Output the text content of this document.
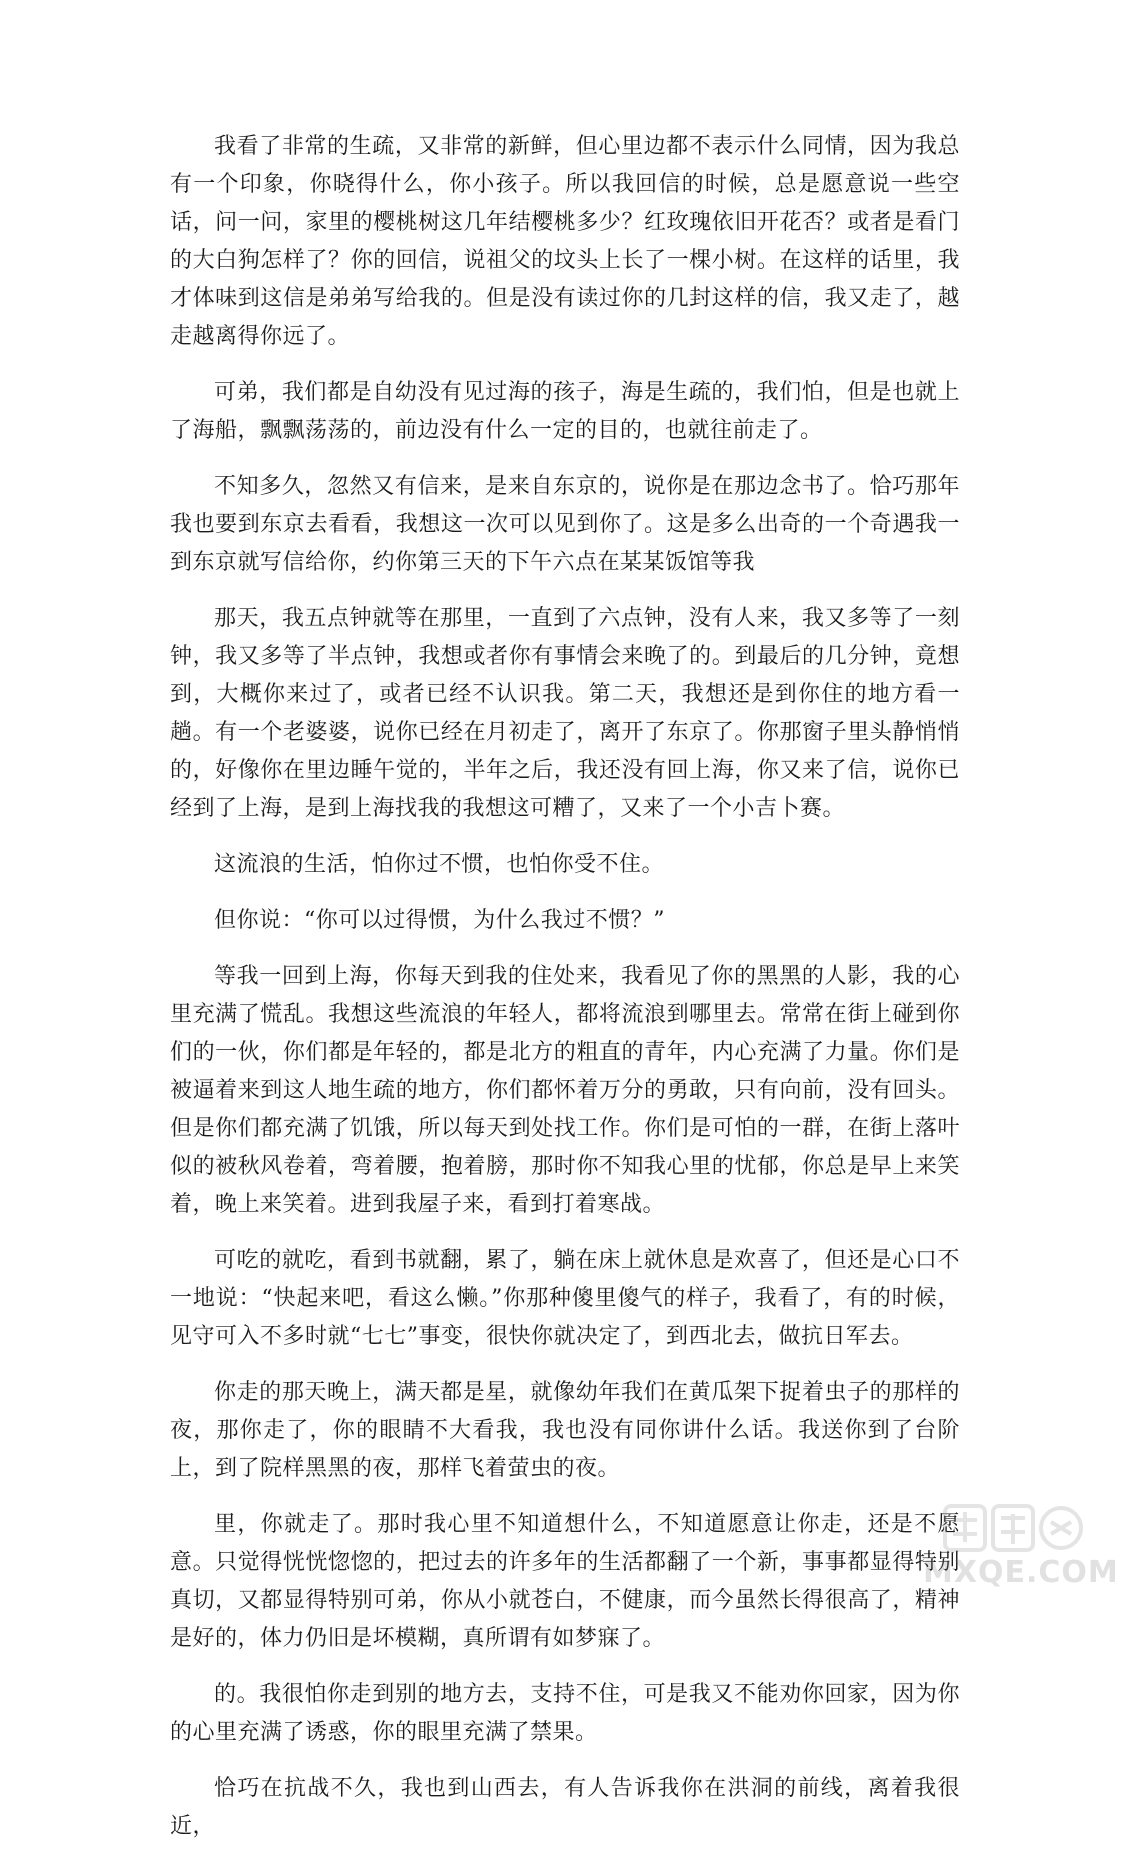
我看了非常的生疏，又非常的新鲜，但心里边都不表示什么同情，因为我总有一个印象，你晓得什么，你小孩子。所以我回信的时候，总是愿意说一些空话，问一问，家里的樱桃树这几年结樱桃多少？红玫瑰依旧开花否？或者是看门的大白狗怎样了？你的回信，说祖父的坟头上长了一棵小树。在这样的话里，我才体味到这信是弟弟写给我的。但是没有读过你的几封这样的信，我又走了，越走越离得你远了。

可弟，我们都是自幼没有见过海的孩子，海是生疏的，我们怕，但是也就上了海船，飘飘荡荡的，前边没有什么一定的目的，也就往前走了。

不知多久，忽然又有信来，是来自东京的，说你是在那边念书了。恰巧那年我也要到东京去看看，我想这一次可以见到你了。这是多么出奇的一个奇遇我一到东京就写信给你，约你第三天的下午六点在某某饭馆等我

那天，我五点钟就等在那里，一直到了六点钟，没有人来，我又多等了一刻钟，我又多等了半点钟，我想或者你有事情会来晚了的。到最后的几分钟，竟想到，大概你来过了，或者已经不认识我。第二天，我想还是到你住的地方看一趟。有一个老婆婆，说你已经在月初走了，离开了东京了。你那窗子里头静悄悄的，好像你在里边睡午觉的，半年之后，我还没有回上海，你又来了信，说你已经到了上海，是到上海找我的我想这可糟了，又来了一个小吉卜赛。

这流浪的生活，怕你过不惯，也怕你受不住。

但你说：“你可以过得惯，为什么我过不惯？”

等我一回到上海，你每天到我的住处来，我看见了你的黑黑的人影，我的心里充满了慌乱。我想这些流浪的年轻人，都将流浪到哪里去。常常在街上碰到你们的一伙，你们都是年轻的，都是北方的粗直的青年，内心充满了力量。你们是被逼着来到这人地生疏的地方，你们都怀着万分的勇敢，只有向前，没有回头。但是你们都充满了饥饿，所以每天到处找工作。你们是可怕的一群，在街上落叶似的被秋风卷着，弯着腰，抱着膀，那时你不知我心里的忧郁，你总是早上来笑着，晚上来笑着。进到我屋子来，看到打着寒战。

可吃的就吃，看到书就翻，累了，躺在床上就休息是欢喜了，但还是心口不一地说：“快起来吧，看这么懒。”你那种傻里傻气的样子，我看了，有的时候，见守可入不多时就“七七”事变，很快你就决定了，到西北去，做抗日军去。

你走的那天晚上，满天都是星，就像幼年我们在黄瓜架下捉着虫子的那样的夜，那你走了，你的眼睛不大看我，我也没有同你讲什么话。我送你到了台阶上，到了院样黑黑的夜，那样飞着萤虫的夜。

里，你就走了。那时我心里不知道想什么，不知道愿意让你走，还是不愿意。只觉得恍恍惚惚的，把过去的许多年的生活都翻了一个新，事事都显得特别真切，又都显得特别可弟，你从小就苍白，不健康，而今虽然长得很高了，精神是好的，体力仍旧是坏模糊，真所谓有如梦寐了。

的。我很怕你走到别的地方去，支持不住，可是我又不能劝你回家，因为你的心里充满了诱惑，你的眼里充满了禁果。

恰巧在抗战不久，我也到山西去，有人告诉我你在洪洞的前线，离着我很近，

MXQE.COM
